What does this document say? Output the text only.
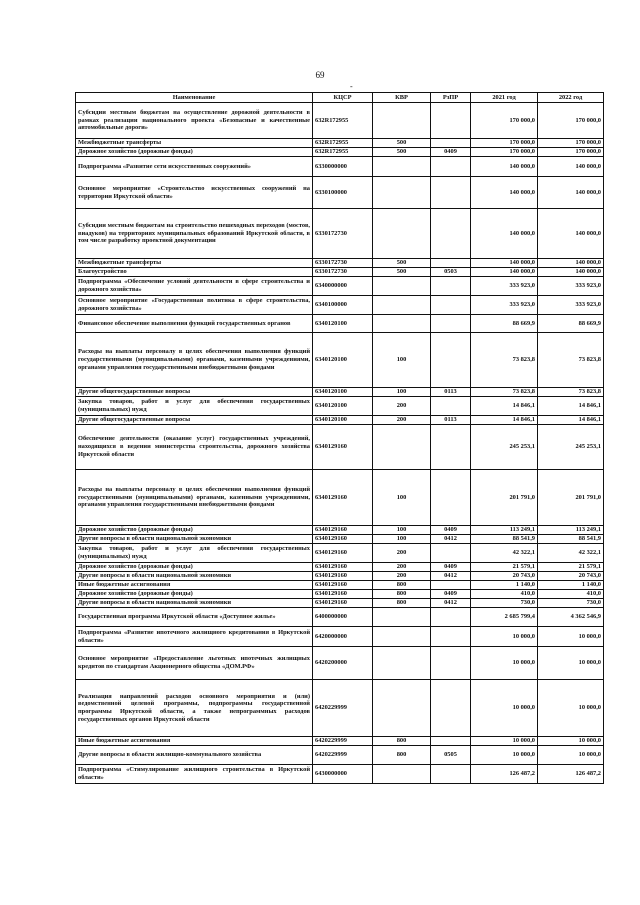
69
-
Наименование	КЦСР	КВР	РзПР	2021 год	2022 год
Субсидии местным бюджетам на осуществление дорожной деятельности в рамках реализации национального проекта «Безопасные и качественные автомобильные дороги»	632R172955			170 000,0	170 000,0
Межбюджетные трансферты	632R172955	500		170 000,0	170 000,0
Дорожное хозяйство (дорожные фонды)	632R172955	500	0409	170 000,0	170 000,0
Подпрограмма «Развитие сети искусственных сооружений»	6330000000			140 000,0	140 000,0
Основное мероприятие «Строительство искусственных сооружений на территории Иркутской области»	6330100000			140 000,0	140 000,0
Субсидии местным бюджетам на строительство пешеходных переходов (мостов, виадуков) на территориях муниципальных образований Иркутской области, в том числе разработку проектной документации	6330172730			140 000,0	140 000,0
Межбюджетные трансферты	6330172730	500		140 000,0	140 000,0
Благоустройство	6330172730	500	0503	140 000,0	140 000,0
Подпрограмма «Обеспечение условий деятельности в сфере строительства и дорожного хозяйства»	6340000000			333 923,0	333 923,0
Основное мероприятие «Государственная политика в сфере строительства, дорожного хозяйства»	6340100000			333 923,0	333 923,0
Финансовое обеспечение выполнения функций государственных органов	6340120100			88 669,9	88 669,9
Расходы на выплаты персоналу в целях обеспечения выполнения функций государственными (муниципальными) органами, казенными учреждениями, органами управления государственными внебюджетными фондами	6340120100	100		73 823,8	73 823,8
Другие общегосударственные вопросы	6340120100	100	0113	73 823,8	73 823,8
Закупка товаров, работ и услуг для обеспечения государственных (муниципальных) нужд	6340120100	200		14 846,1	14 846,1
Другие общегосударственные вопросы	6340120100	200	0113	14 846,1	14 846,1
Обеспечение деятельности (оказание услуг) государственных учреждений, находящихся в ведении министерства строительства, дорожного хозяйства Иркутской области	6340129160			245 253,1	245 253,1
Расходы на выплаты персоналу в целях обеспечения выполнения функций государственными (муниципальными) органами, казенными учреждениями, органами управления государственными внебюджетными фондами	6340129160	100		201 791,0	201 791,0
Дорожное хозяйство (дорожные фонды)	6340129160	100	0409	113 249,1	113 249,1
Другие вопросы в области национальной экономики	6340129160	100	0412	88 541,9	88 541,9
Закупка товаров, работ и услуг для обеспечения государственных (муниципальных) нужд	6340129160	200		42 322,1	42 322,1
Дорожное хозяйство (дорожные фонды)	6340129160	200	0409	21 579,1	21 579,1
Другие вопросы в области национальной экономики	6340129160	200	0412	20 743,0	20 743,0
Иные бюджетные ассигнования	6340129160	800		1 140,0	1 140,0
Дорожное хозяйство (дорожные фонды)	6340129160	800	0409	410,0	410,0
Другие вопросы в области национальной экономики	6340129160	800	0412	730,0	730,0
Государственная программа Иркутской области «Доступное жилье»	6400000000			2 685 799,4	4 362 546,9
Подпрограмма «Развитие ипотечного жилищного кредитования в Иркутской области»	6420000000			10 000,0	10 000,0
Основное мероприятие «Предоставление льготных ипотечных жилищных кредитов по стандартам Акционерного общества «ДОМ.РФ»	6420200000			10 000,0	10 000,0
Реализация направлений расходов основного мероприятия и (или) ведомственной целевой программы, подпрограммы государственной программы Иркутской области, а также непрограммных расходов государственных органов Иркутской области	6420229999			10 000,0	10 000,0
Иные бюджетные ассигнования	6420229999	800		10 000,0	10 000,0
Другие вопросы в области жилищно-коммунального хозяйства	6420229999	800	0505	10 000,0	10 000,0
Подпрограмма «Стимулирование жилищного строительства в Иркутской области»	6430000000			126 487,2	126 487,2
